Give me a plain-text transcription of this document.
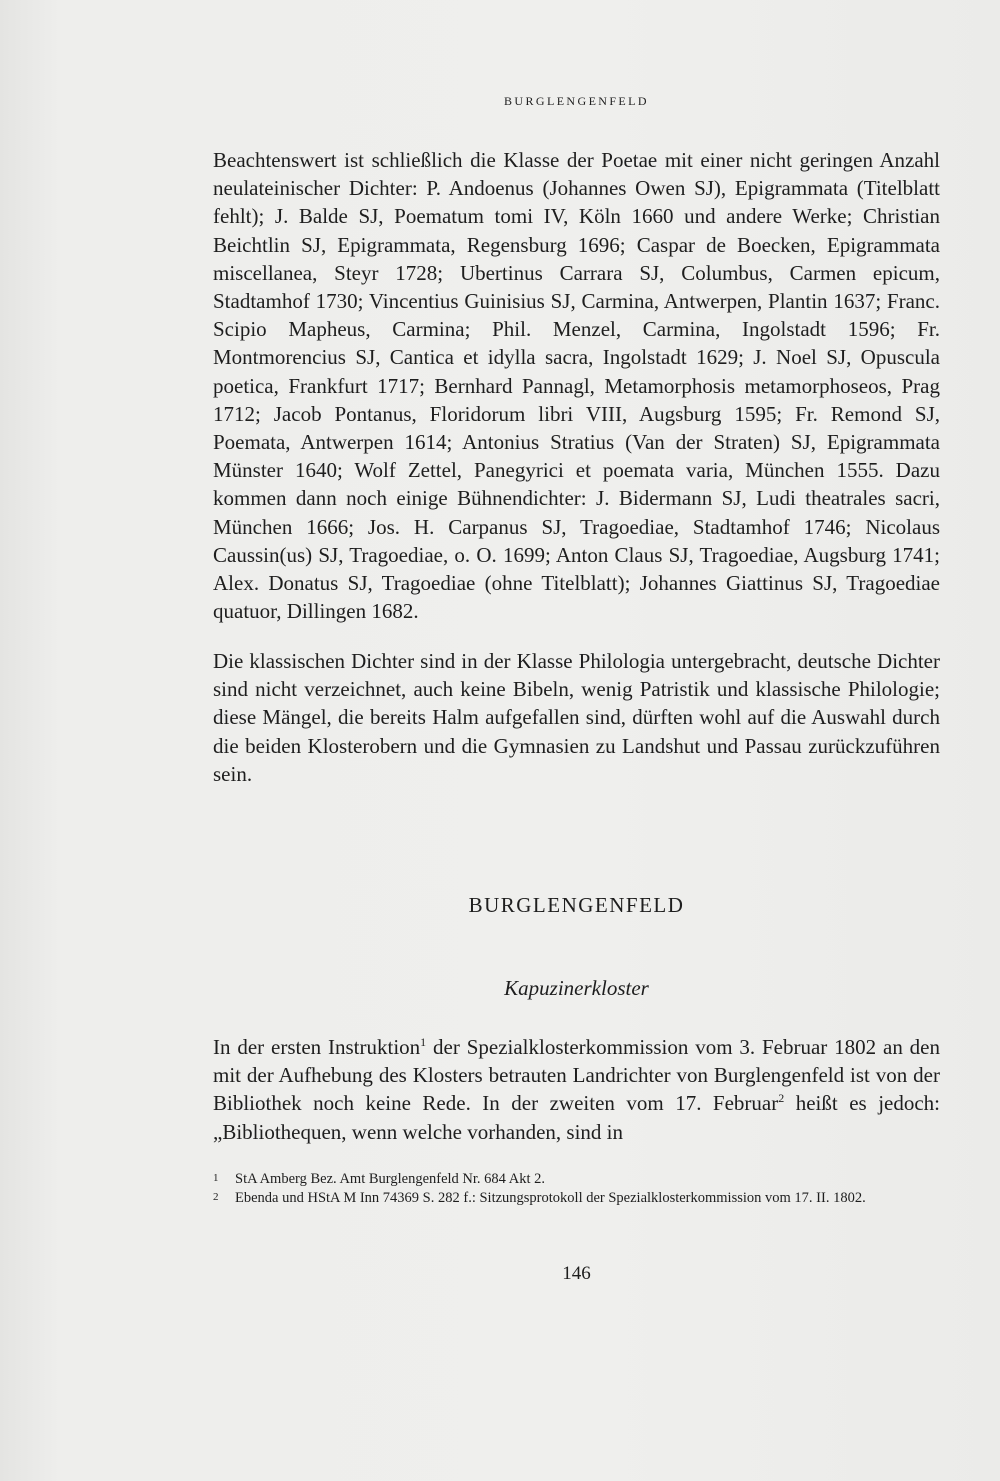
BURGLENGENFELD

Beachtenswert ist schließlich die Klasse der Poetae mit einer nicht geringen Anzahl neulateinischer Dichter: P. Andoenus (Johannes Owen SJ), Epigrammata (Titelblatt fehlt); J. Balde SJ, Poematum tomi IV, Köln 1660 und andere Werke; Christian Beichtlin SJ, Epigrammata, Regensburg 1696; Caspar de Boecken, Epigrammata miscellanea, Steyr 1728; Ubertinus Carrara SJ, Columbus, Carmen epicum, Stadtamhof 1730; Vincentius Guinisius SJ, Carmina, Antwerpen, Plantin 1637; Franc. Scipio Mapheus, Carmina; Phil. Menzel, Carmina, Ingolstadt 1596; Fr. Montmorencius SJ, Cantica et idylla sacra, Ingolstadt 1629; J. Noel SJ, Opuscula poetica, Frankfurt 1717; Bernhard Pannagl, Metamorphosis metamorphoseos, Prag 1712; Jacob Pontanus, Floridorum libri VIII, Augsburg 1595; Fr. Remond SJ, Poemata, Antwerpen 1614; Antonius Stratius (Van der Straten) SJ, Epigrammata Münster 1640; Wolf Zettel, Panegyrici et poemata varia, München 1555. Dazu kommen dann noch einige Bühnendichter: J. Bidermann SJ, Ludi theatrales sacri, München 1666; Jos. H. Carpanus SJ, Tragoediae, Stadtamhof 1746; Nicolaus Caussin(us) SJ, Tragoediae, o. O. 1699; Anton Claus SJ, Tragoediae, Augsburg 1741; Alex. Donatus SJ, Tragoediae (ohne Titelblatt); Johannes Giattinus SJ, Tragoediae quatuor, Dillingen 1682.

Die klassischen Dichter sind in der Klasse Philologia untergebracht, deutsche Dichter sind nicht verzeichnet, auch keine Bibeln, wenig Patristik und klassische Philologie; diese Mängel, die bereits Halm aufgefallen sind, dürften wohl auf die Auswahl durch die beiden Klosterobern und die Gymnasien zu Landshut und Passau zurückzuführen sein.

BURGLENGENFELD
Kapuzinerkloster

In der ersten Instruktion$^1$ der Spezialklosterkommission vom 3. Februar 1802 an den mit der Aufhebung des Klosters betrauten Landrichter von Burglengenfeld ist von der Bibliothek noch keine Rede. In der zweiten vom 17. Februar$^2$ heißt es jedoch: „Bibliothequen, wenn welche vorhanden, sind in

1 StA Amberg Bez. Amt Burglengenfeld Nr. 684 Akt 2.
2 Ebenda und HStA M Inn 74369 S. 282 f.: Sitzungsprotokoll der Spezialklosterkommission vom 17. II. 1802.
146
